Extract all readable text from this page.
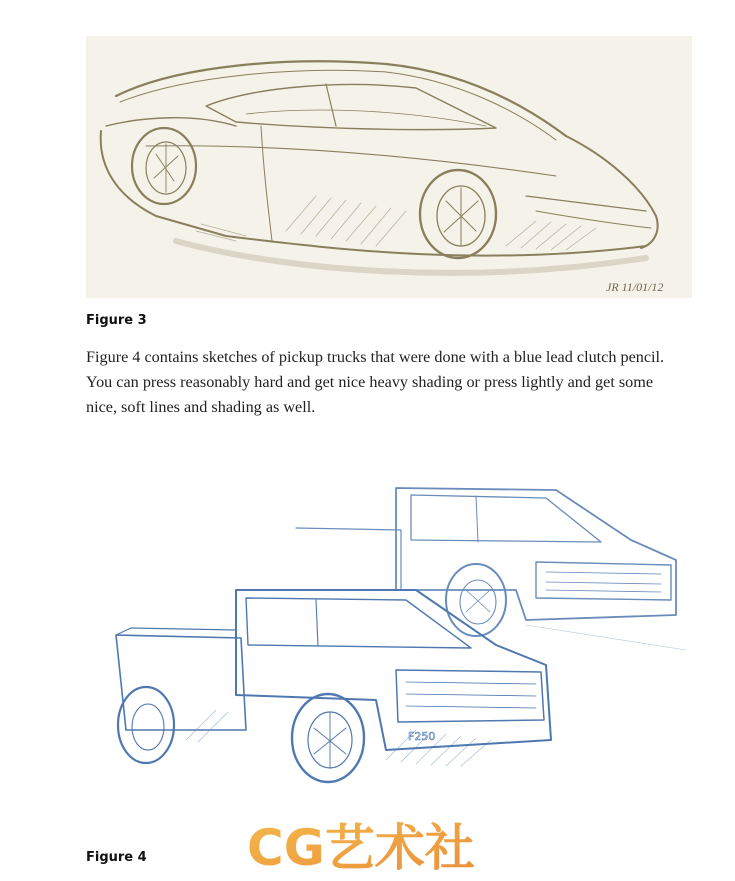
JR 11/01/12

Figure 3

Figure 4 contains sketches of pickup trucks that were done with a blue lead clutch pencil. You can press reasonably hard and get nice heavy shading or press lightly and get some nice, soft lines and shading as well.

F250

Figure 4 CG艺术社
